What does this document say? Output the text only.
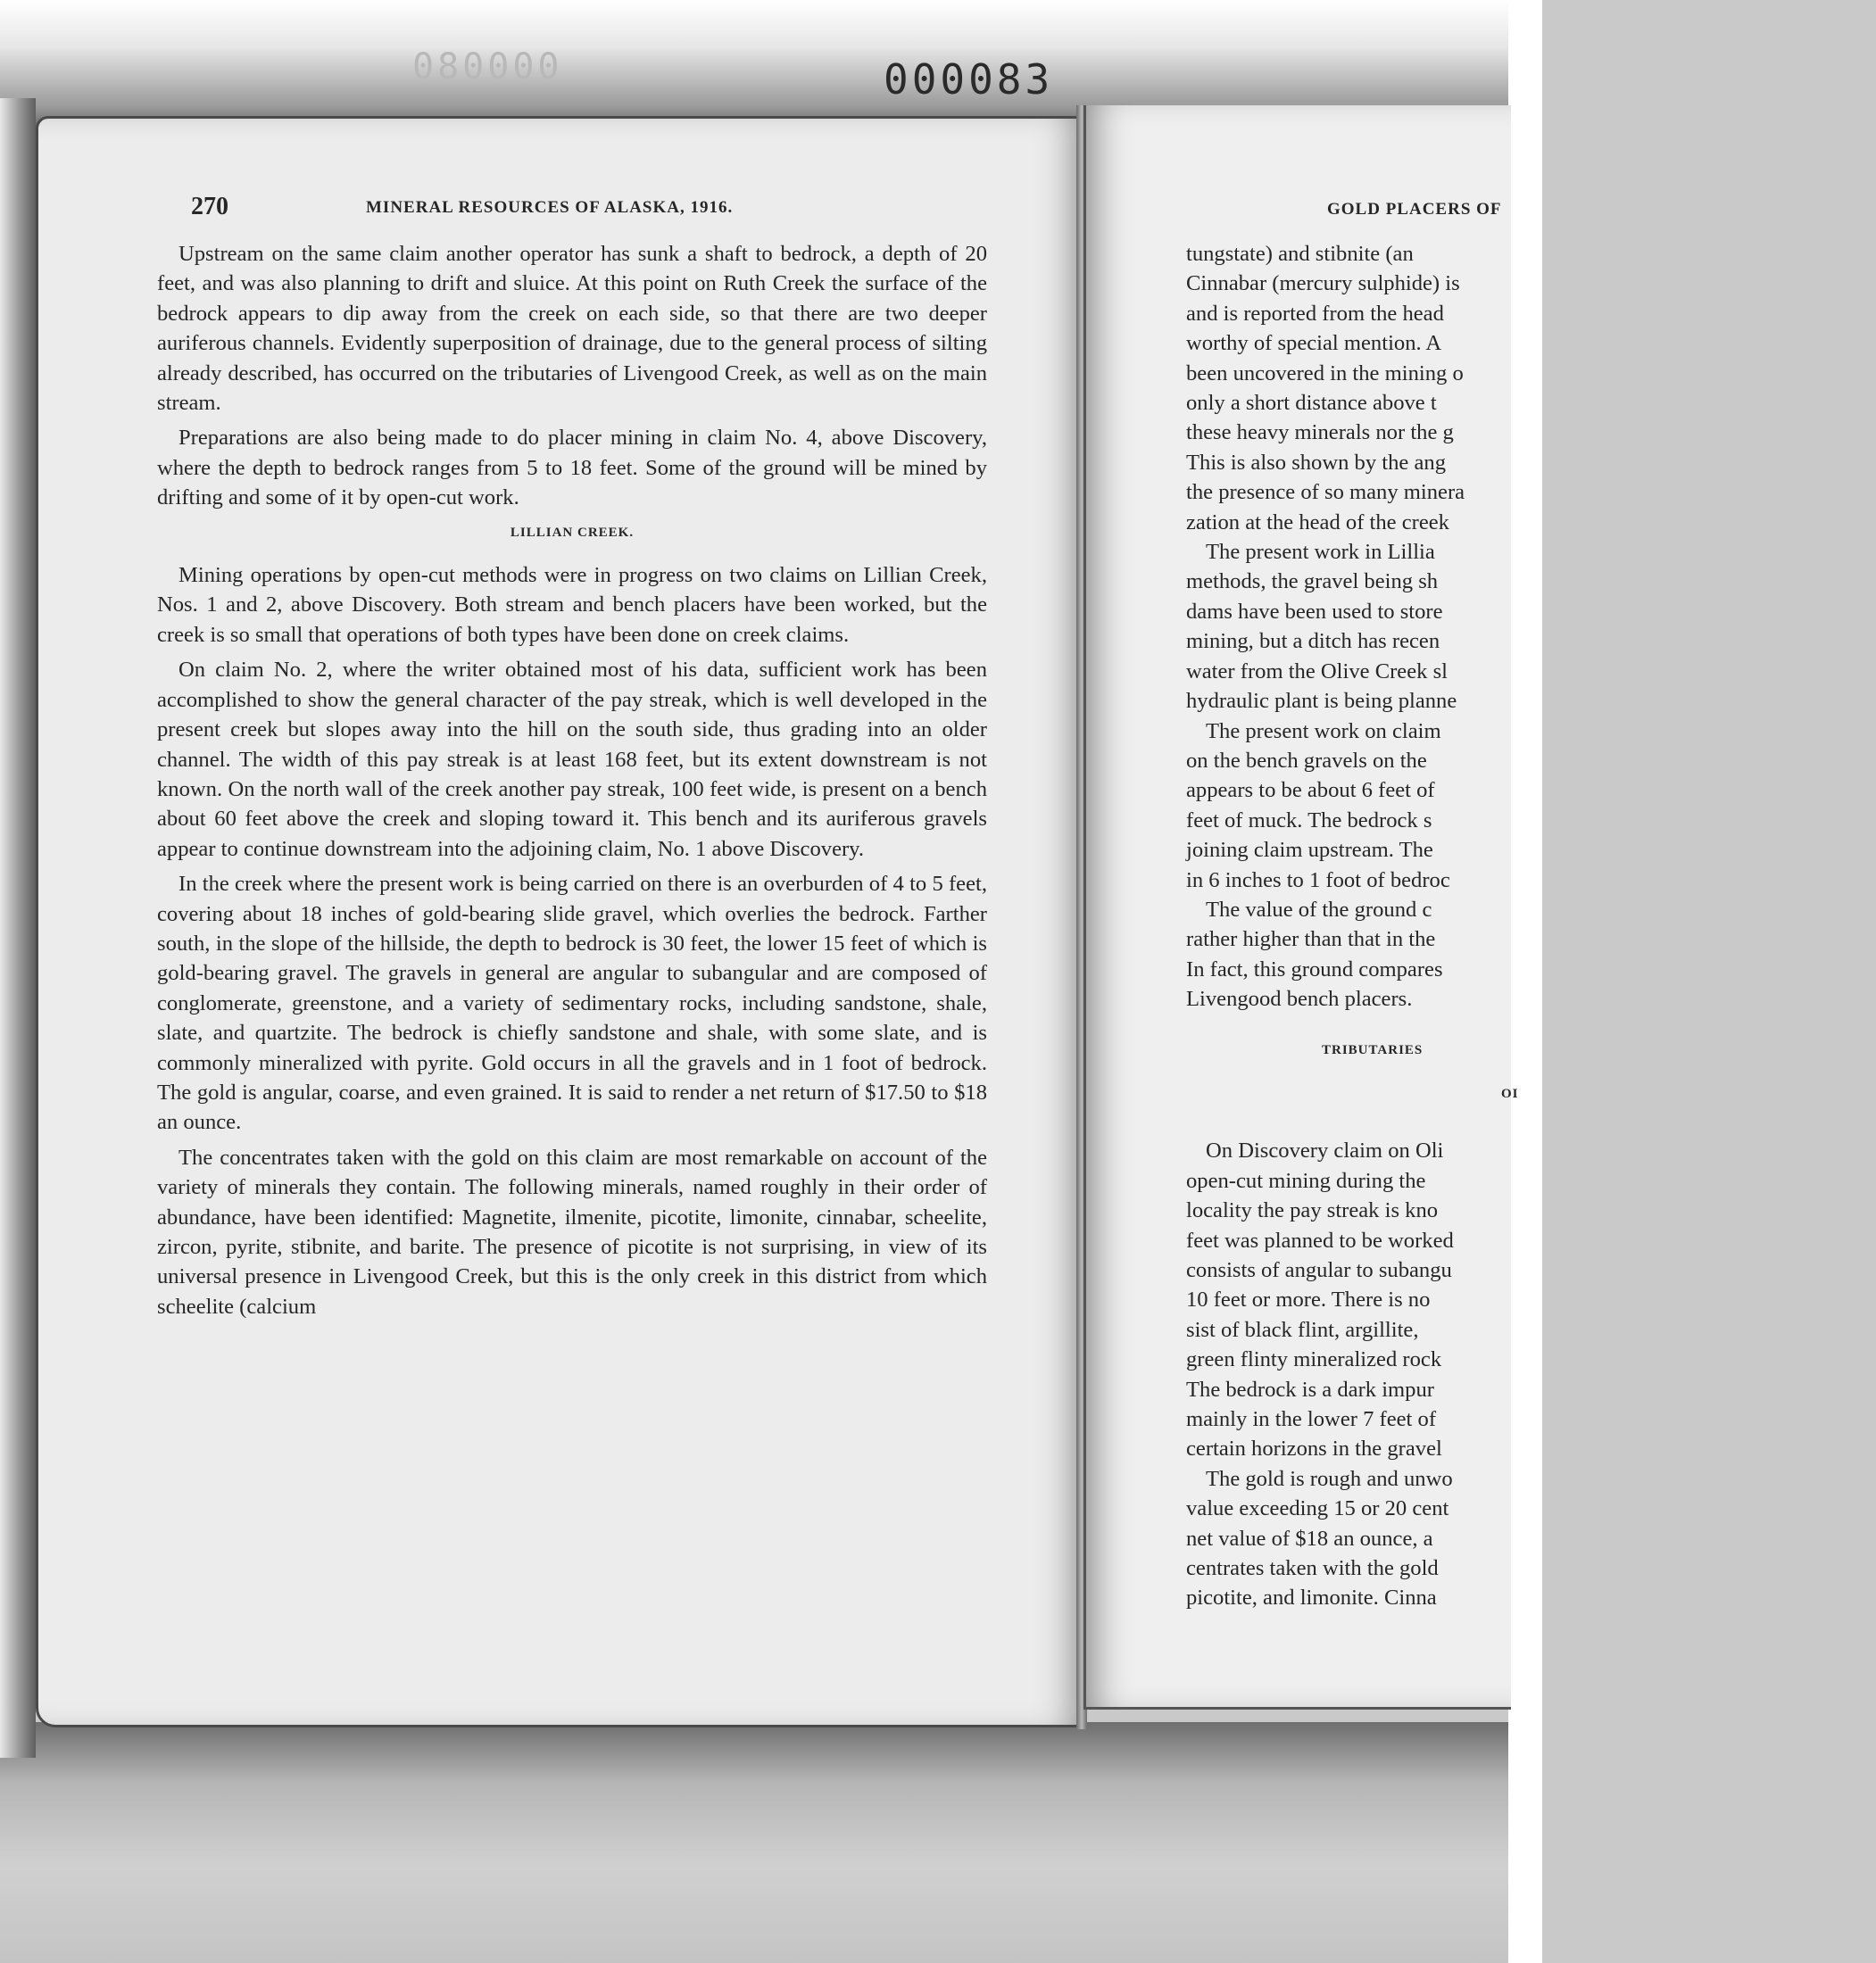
080000	000083
GOLD PLACERS OF
tungstate) and stibnite (an
Cinnabar (mercury sulphide) is
and is reported from the head
worthy of special mention. A
been uncovered in the mining o
only a short distance above t
these heavy minerals nor the g
This is also shown by the ang
the presence of so many minera
zation at the head of the creek
The present work in Lillia
methods, the gravel being sh
dams have been used to store
mining, but a ditch has recen
water from the Olive Creek sl
hydraulic plant is being planne
The present work on claim
on the bench gravels on the
appears to be about 6 feet of
feet of muck. The bedrock s
joining claim upstream. The
in 6 inches to 1 foot of bedroc
The value of the ground c
rather higher than that in the
In fact, this ground compares
Livengood bench placers.
TRIBUTARIES
OI
On Discovery claim on Oli
open-cut mining during the
locality the pay streak is kno
feet was planned to be worked
consists of angular to subangu
10 feet or more. There is no
sist of black flint, argillite,
green flinty mineralized rock
The bedrock is a dark impur
mainly in the lower 7 feet of
certain horizons in the gravel
The gold is rough and unwo
value exceeding 15 or 20 cent
net value of $18 an ounce, a
centrates taken with the gold
picotite, and limonite. Cinna
270	MINERAL RESOURCES OF ALASKA, 1916.

Upstream on the same claim another operator has sunk a shaft to bedrock, a depth of 20 feet, and was also planning to drift and sluice. At this point on Ruth Creek the surface of the bedrock appears to dip away from the creek on each side, so that there are two deeper auriferous channels. Evidently superposition of drainage, due to the general process of silting already described, has occurred on the tributaries of Livengood Creek, as well as on the main stream.

Preparations are also being made to do placer mining in claim No. 4, above Discovery, where the depth to bedrock ranges from 5 to 18 feet. Some of the ground will be mined by drifting and some of it by open-cut work.

LILLIAN CREEK.

Mining operations by open-cut methods were in progress on two claims on Lillian Creek, Nos. 1 and 2, above Discovery. Both stream and bench placers have been worked, but the creek is so small that operations of both types have been done on creek claims.

On claim No. 2, where the writer obtained most of his data, sufficient work has been accomplished to show the general character of the pay streak, which is well developed in the present creek but slopes away into the hill on the south side, thus grading into an older channel. The width of this pay streak is at least 168 feet, but its extent downstream is not known. On the north wall of the creek another pay streak, 100 feet wide, is present on a bench about 60 feet above the creek and sloping toward it. This bench and its auriferous gravels appear to continue downstream into the adjoining claim, No. 1 above Discovery.

In the creek where the present work is being carried on there is an overburden of 4 to 5 feet, covering about 18 inches of gold-bearing slide gravel, which overlies the bedrock. Farther south, in the slope of the hillside, the depth to bedrock is 30 feet, the lower 15 feet of which is gold-bearing gravel. The gravels in general are angular to subangular and are composed of conglomerate, greenstone, and a variety of sedimentary rocks, including sandstone, shale, slate, and quartzite. The bedrock is chiefly sandstone and shale, with some slate, and is commonly mineralized with pyrite. Gold occurs in all the gravels and in 1 foot of bedrock. The gold is angular, coarse, and even grained. It is said to render a net return of $17.50 to $18 an ounce.

The concentrates taken with the gold on this claim are most remarkable on account of the variety of minerals they contain. The following minerals, named roughly in their order of abundance, have been identified: Magnetite, ilmenite, picotite, limonite, cinnabar, scheelite, zircon, pyrite, stibnite, and barite. The presence of picotite is not surprising, in view of its universal presence in Livengood Creek, but this is the only creek in this district from which scheelite (calcium
